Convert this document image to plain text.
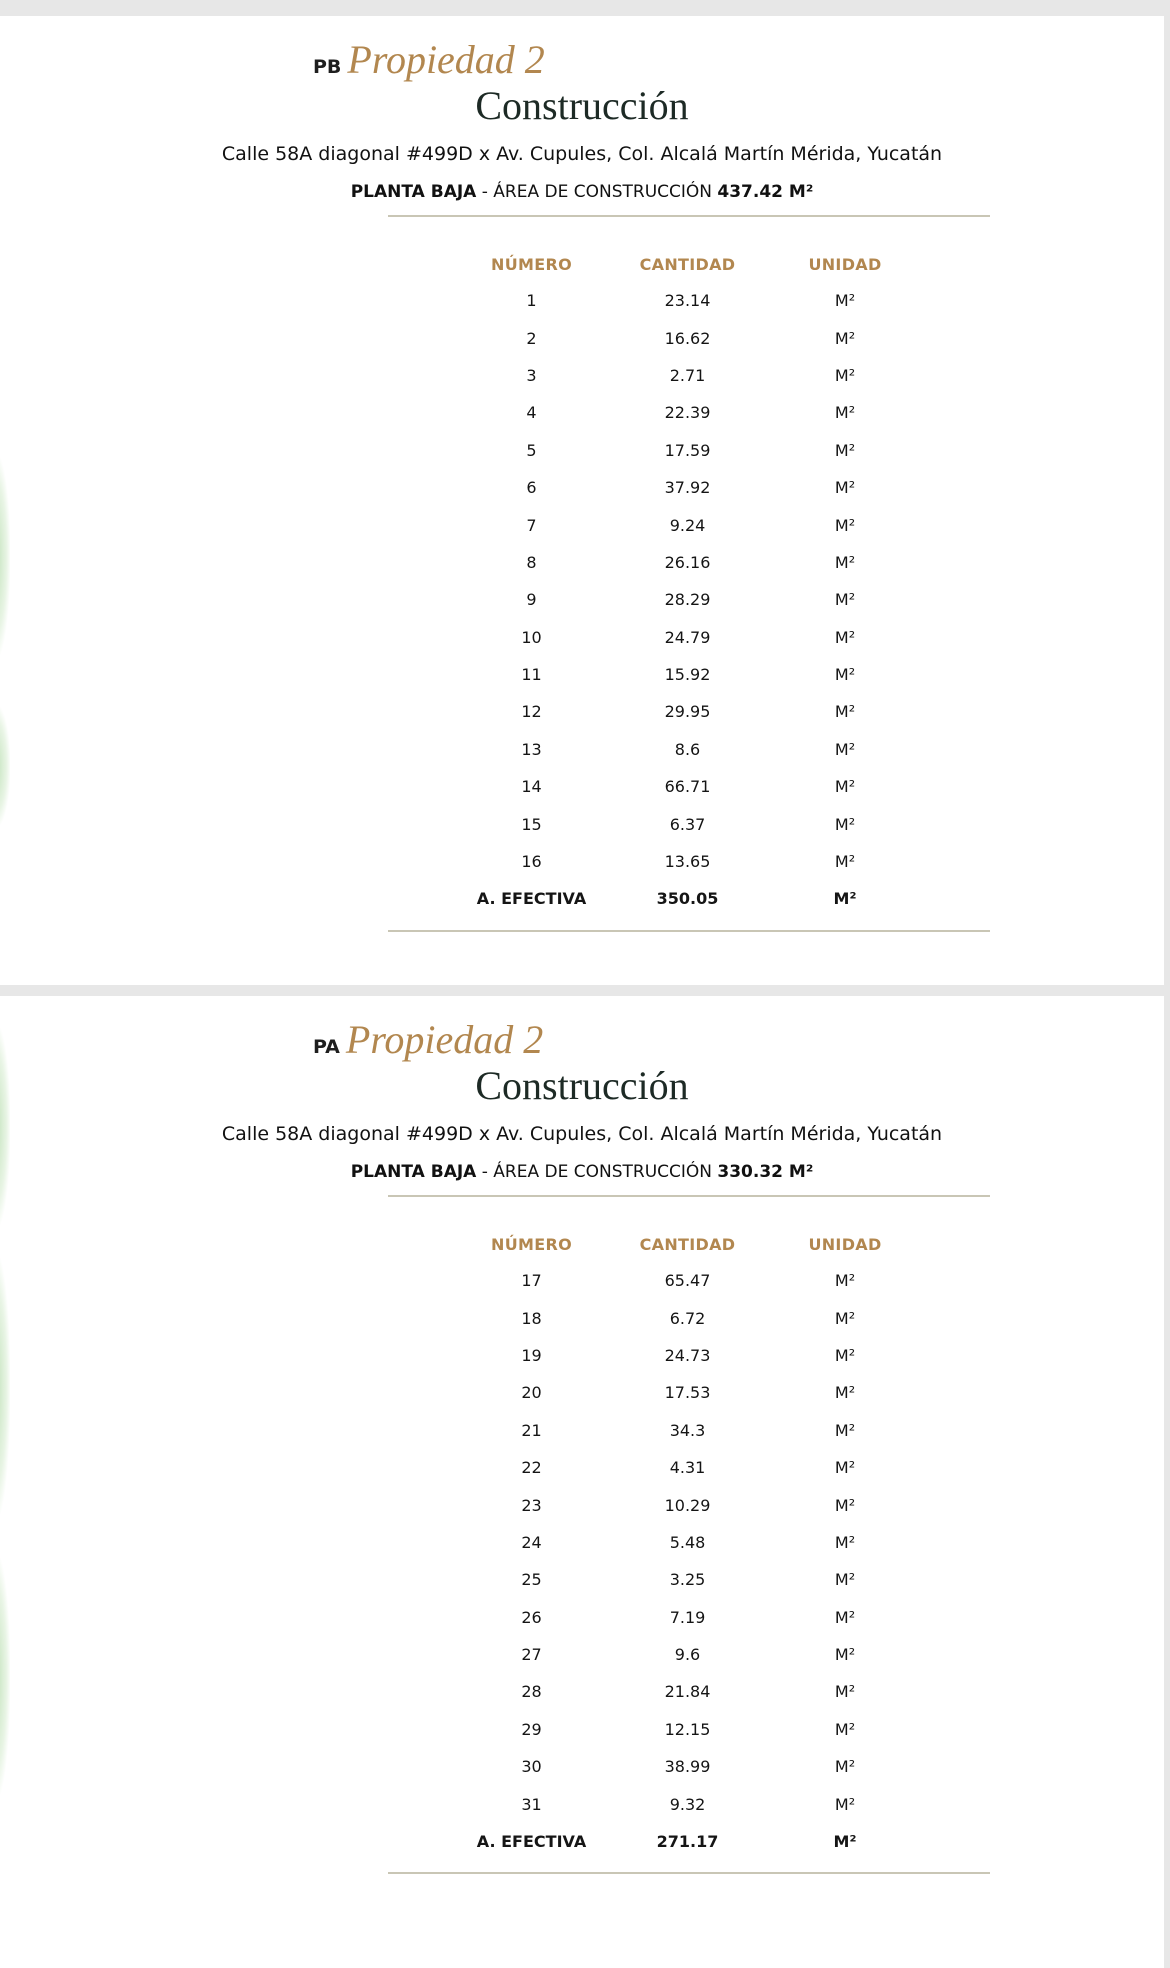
PB Propiedad 2
Construcción
Calle 58A diagonal #499D x Av. Cupules, Col. Alcalá Martín Mérida, Yucatán
PLANTA BAJA - ÁREA DE CONSTRUCCIÓN 437.42 M²
NÚMERO	CANTIDAD	UNIDAD
1	23.14	M²
2	16.62	M²
3	2.71	M²
4	22.39	M²
5	17.59	M²
6	37.92	M²
7	9.24	M²
8	26.16	M²
9	28.29	M²
10	24.79	M²
11	15.92	M²
12	29.95	M²
13	8.6	M²
14	66.71	M²
15	6.37	M²
16	13.65	M²
A. EFECTIVA	350.05	M²
PA Propiedad 2
Construcción
Calle 58A diagonal #499D x Av. Cupules, Col. Alcalá Martín Mérida, Yucatán
PLANTA BAJA - ÁREA DE CONSTRUCCIÓN 330.32 M²
NÚMERO	CANTIDAD	UNIDAD
17	65.47	M²
18	6.72	M²
19	24.73	M²
20	17.53	M²
21	34.3	M²
22	4.31	M²
23	10.29	M²
24	5.48	M²
25	3.25	M²
26	7.19	M²
27	9.6	M²
28	21.84	M²
29	12.15	M²
30	38.99	M²
31	9.32	M²
A. EFECTIVA	271.17	M²
